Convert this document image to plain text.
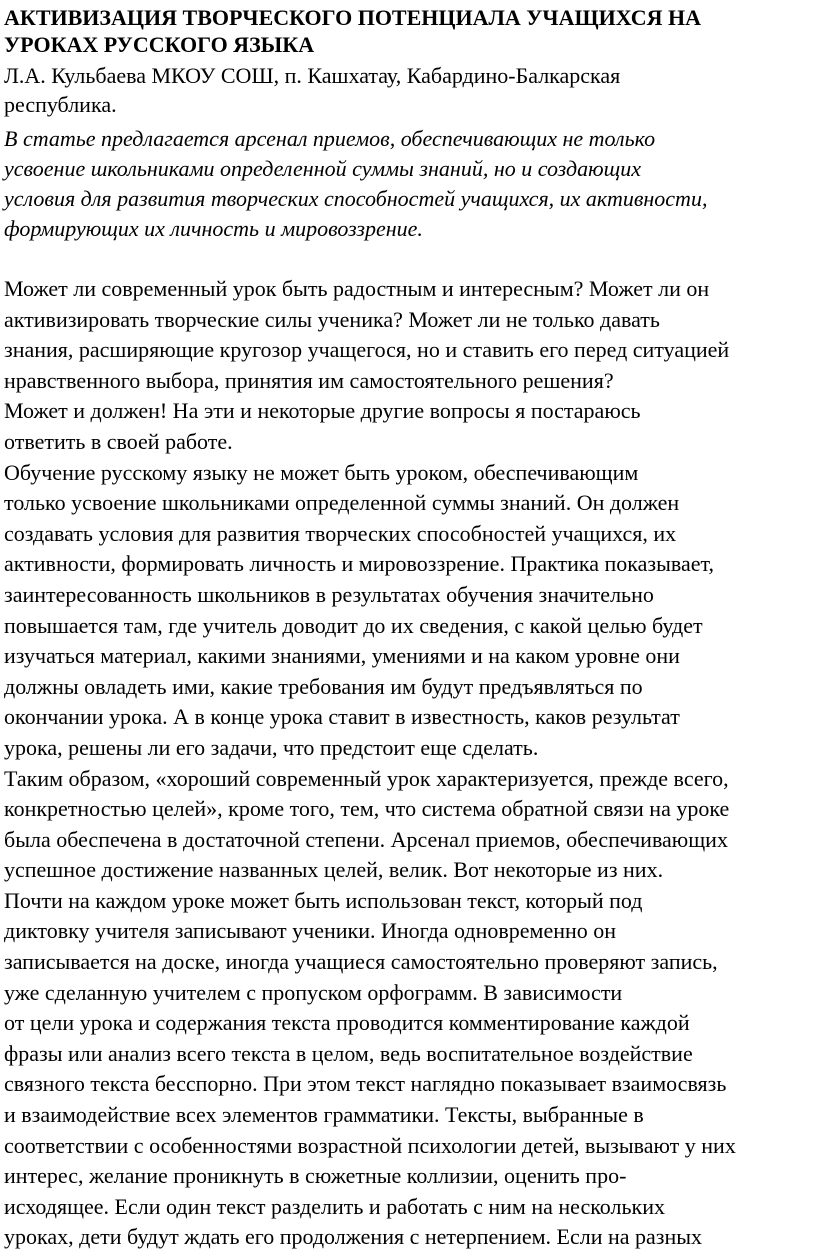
АКТИВИЗАЦИЯ ТВОРЧЕСКОГО ПОТЕНЦИАЛА УЧАЩИХСЯ НА
УРОКАХ РУССКОГО ЯЗЫКА

Л.А. Кульбаева МКОУ СОШ, п. Кашхатау, Кабардино-Балкарская
республика.

В статье предлагается арсенал приемов, обеспечивающих не только
усвоение школьниками определенной суммы знаний, но и создающих
условия для развития творческих способностей учащихся, их активности,
формирующих их личность и мировоззрение.

Может ли современный урок быть радостным и интересным? Может ли он
активизировать творческие силы ученика? Может ли не только давать
знания, расширяющие кругозор учащегося, но и ставить его перед ситуацией
нравственного выбора, принятия им самостоятельного решения?
Может и должен! На эти и некоторые другие вопросы я постараюсь
ответить в своей работе.
Обучение русскому языку не может быть уроком, обеспечивающим
только усвоение школьниками определенной суммы знаний. Он должен
создавать условия для развития творческих способностей учащихся, их
активности, формировать личность и мировоззрение. Практика показывает,
заинтересованность школьников в результатах обучения значительно
повышается там, где учитель доводит до их сведения, с какой целью будет
изучаться материал, какими знаниями, умениями и на каком уровне они
должны овладеть ими, какие требования им будут предъявляться по
окончании урока. А в конце урока ставит в известность, каков результат
урока, решены ли его задачи, что предстоит еще сделать.
Таким образом, «хороший современный урок характеризуется, прежде всего,
конкретностью целей», кроме того, тем, что система обратной связи на уроке
была обеспечена в достаточной степени. Арсенал приемов, обеспечивающих
успешное достижение названных целей, велик. Вот некоторые из них.
Почти на каждом уроке может быть использован текст, который под
диктовку учителя записывают ученики. Иногда одновременно он
записывается на доске, иногда учащиеся самостоятельно проверяют запись,
уже сделанную учителем с пропуском орфограмм. В зависимости
от цели урока и содержания текста проводится комментирование каждой
фразы или анализ всего текста в целом, ведь воспитательное воздействие
связного текста бесспорно. При этом текст наглядно показывает взаимосвязь
и взаимодействие всех элементов грамматики. Тексты, выбранные в
соответствии с особенностями возрастной психологии детей, вызывают у них
интерес, желание проникнуть в сюжетные коллизии, оценить про-
исходящее. Если один текст разделить и работать с ним на нескольких
уроках, дети будут ждать его продолжения с нетерпением. Если на разных
